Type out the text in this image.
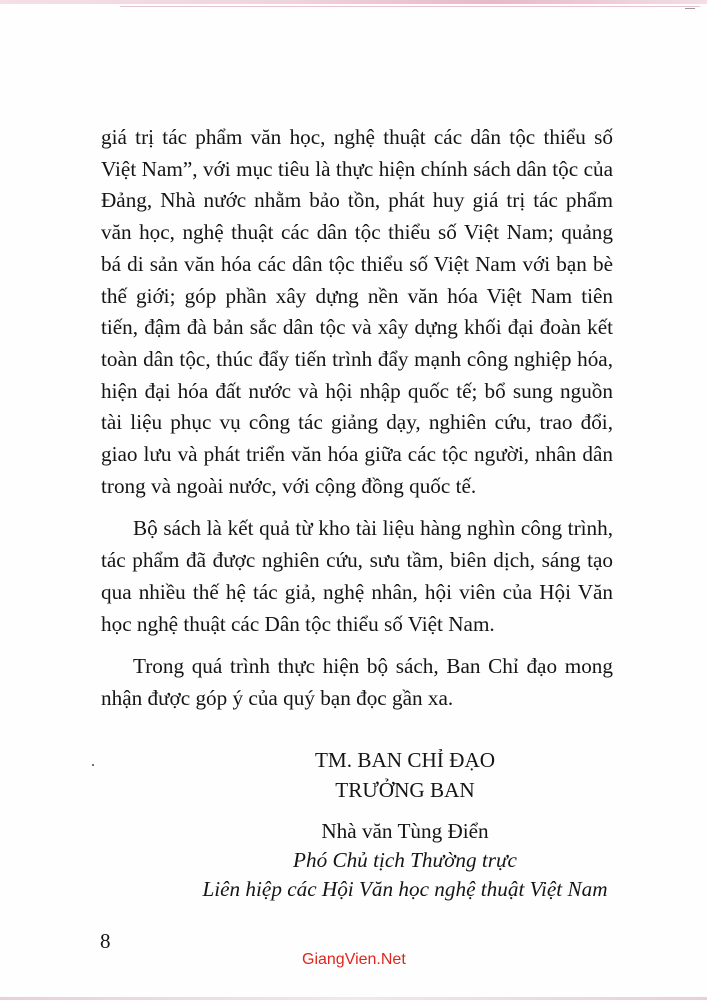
giá trị tác phẩm văn học, nghệ thuật các dân tộc thiểu số Việt Nam”, với mục tiêu là thực hiện chính sách dân tộc của Đảng, Nhà nước nhằm bảo tồn, phát huy giá trị tác phẩm văn học, nghệ thuật các dân tộc thiểu số Việt Nam; quảng bá di sản văn hóa các dân tộc thiểu số Việt Nam với bạn bè thế giới; góp phần xây dựng nền văn hóa Việt Nam tiên tiến, đậm đà bản sắc dân tộc và xây dựng khối đại đoàn kết toàn dân tộc, thúc đẩy tiến trình đẩy mạnh công nghiệp hóa, hiện đại hóa đất nước và hội nhập quốc tế; bổ sung nguồn tài liệu phục vụ công tác giảng dạy, nghiên cứu, trao đổi, giao lưu và phát triển văn hóa giữa các tộc người, nhân dân trong và ngoài nước, với cộng đồng quốc tế.

Bộ sách là kết quả từ kho tài liệu hàng nghìn công trình, tác phẩm đã được nghiên cứu, sưu tầm, biên dịch, sáng tạo qua nhiều thế hệ tác giả, nghệ nhân, hội viên của Hội Văn học nghệ thuật các Dân tộc thiểu số Việt Nam.

Trong quá trình thực hiện bộ sách, Ban Chỉ đạo mong nhận được góp ý của quý bạn đọc gần xa.

TM. BAN CHỈ ĐẠO
TRƯỞNG BAN
Nhà văn Tùng Điển
Phó Chủ tịch Thường trực
Liên hiệp các Hội Văn học nghệ thuật Việt Nam
8
GiangVien.Net
